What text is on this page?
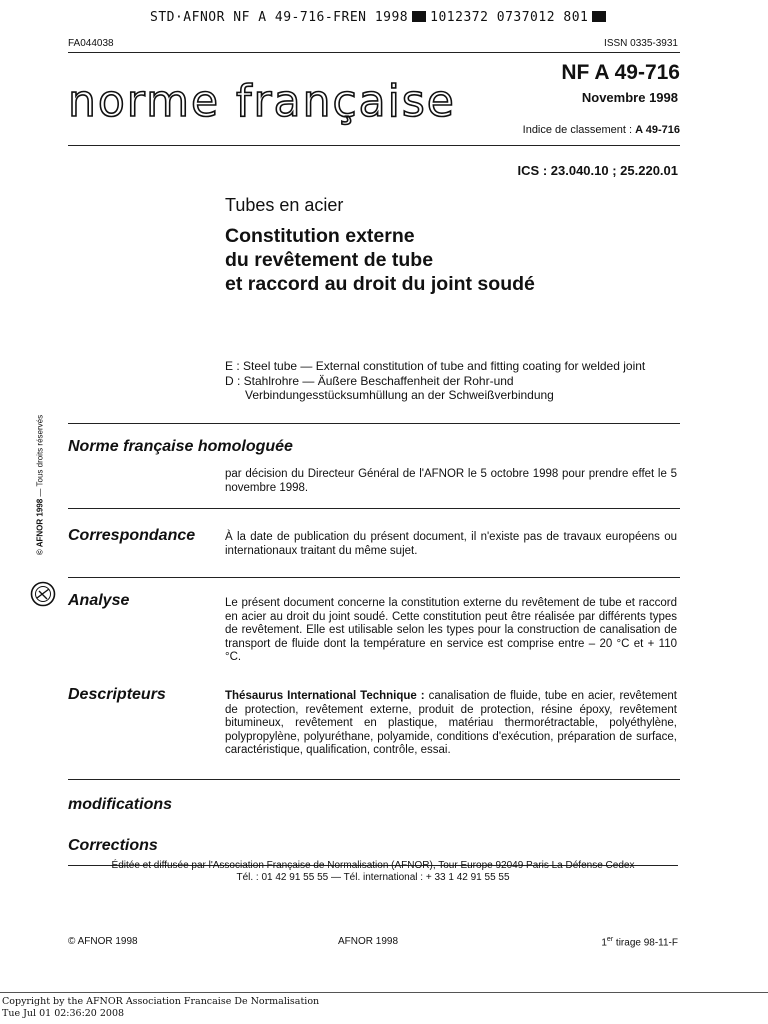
STD·AFNOR NF A 49-716-FREN 1998 1012372 0737012 801
FA044038	ISSN 0335-3931
norme française
NF A 49-716
Novembre 1998
Indice de classement : A 49-716
ICS : 23.040.10 ; 25.220.01
Tubes en acier
Constitution externe
du revêtement de tube
et raccord au droit du joint soudé
E : Steel tube — External constitution of tube and fitting coating for welded joint
D : Stahlrohre — Äußere Beschaffenheit der Rohr-und
Verbindungesstücksumhüllung an der Schweißverbindung
© AFNOR 1998 — Tous droits réservés Norme française homologuée
par décision du Directeur Général de l'AFNOR le 5 octobre 1998 pour prendre effet le 5 novembre 1998.
Correspondance	À la date de publication du présent document, il n'existe pas de travaux européens ou internationaux traitant du même sujet.
Analyse	Le présent document concerne la constitution externe du revêtement de tube et raccord en acier au droit du joint soudé. Cette constitution peut être réalisée par différents types de revêtement. Elle est utilisable selon les types pour la construction de canalisation de transport de fluide dont la température en service est comprise entre – 20 °C et + 110 °C.
Descripteurs	Thésaurus International Technique : canalisation de fluide, tube en acier, revêtement de protection, revêtement externe, produit de protection, résine époxy, revêtement bitumineux, revêtement en plastique, matériau thermorétractable, polyéthylène, polypropylène, polyuréthane, polyamide, conditions d'exécution, préparation de surface, caractéristique, qualification, contrôle, essai.
modifications
Corrections
Éditée et diffusée par l'Association Française de Normalisation (AFNOR), Tour Europe 92049 Paris La Défense Cedex
Tél. : 01 42 91 55 55 — Tél. international : + 33 1 42 91 55 55
© AFNOR 1998	AFNOR 1998	1er tirage 98-11-F
Copyright by the AFNOR Association Francaise De Normalisation
Tue Jul 01 02:36:20 2008
